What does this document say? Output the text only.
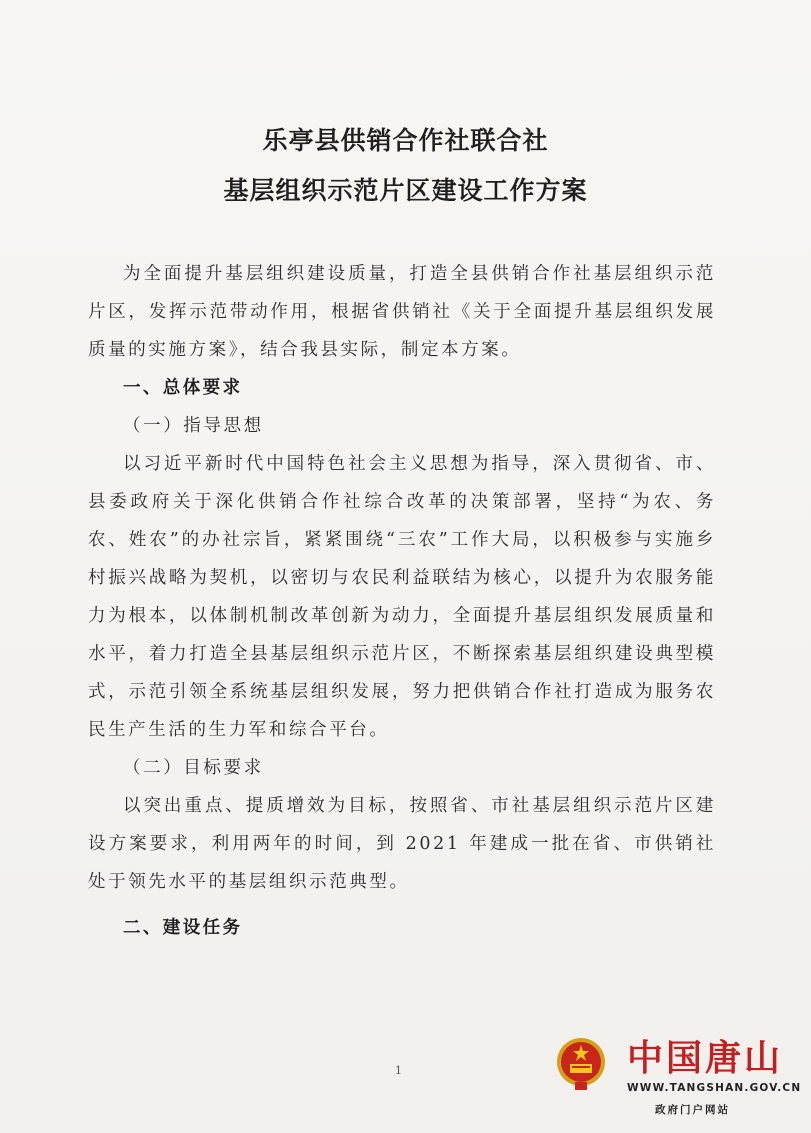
乐亭县供销合作社联合社
基层组织示范片区建设工作方案

为全面提升基层组织建设质量，打造全县供销合作社基层组织示范片区，发挥示范带动作用，根据省供销社《关于全面提升基层组织发展质量的实施方案》，结合我县实际，制定本方案。

一、总体要求

（一）指导思想

以习近平新时代中国特色社会主义思想为指导，深入贯彻省、市、县委政府关于深化供销合作社综合改革的决策部署，坚持“为农、务农、姓农”的办社宗旨，紧紧围绕“三农”工作大局，以积极参与实施乡村振兴战略为契机，以密切与农民利益联结为核心，以提升为农服务能力为根本，以体制机制改革创新为动力，全面提升基层组织发展质量和水平，着力打造全县基层组织示范片区，不断探索基层组织建设典型模式，示范引领全系统基层组织发展，努力把供销合作社打造成为服务农民生产生活的生力军和综合平台。

（二）目标要求

以突出重点、提质增效为目标，按照省、市社基层组织示范片区建设方案要求，利用两年的时间，到 2021 年建成一批在省、市供销社处于领先水平的基层组织示范典型。

二、建设任务

1	中国唐山
WWW.TANGSHAN.GOV.CN
政府门户网站
